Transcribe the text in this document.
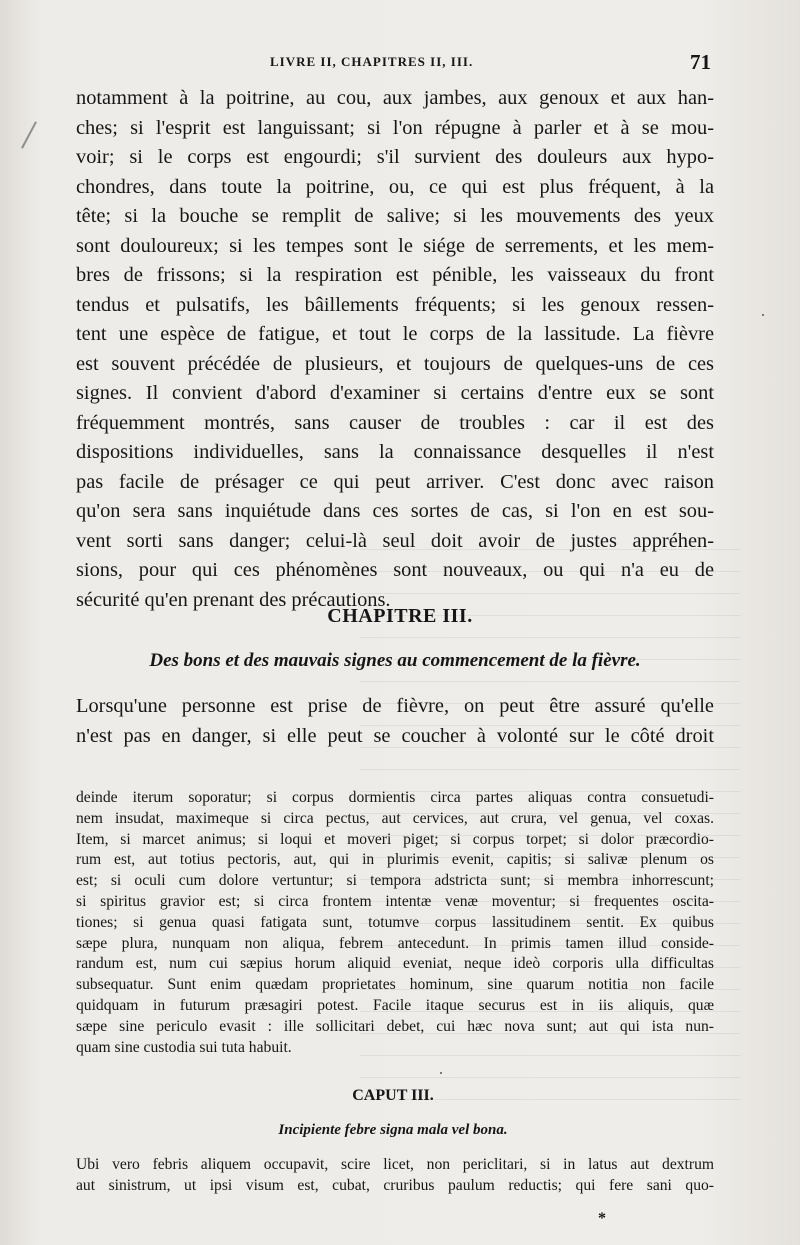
LIVRE II, CHAPITRES II, III.	71
notamment à la poitrine, au cou, aux jambes, aux genoux et aux han-
ches; si l'esprit est languissant; si l'on répugne à parler et à se mou-
voir; si le corps est engourdi; s'il survient des douleurs aux hypo-
chondres, dans toute la poitrine, ou, ce qui est plus fréquent, à la
tête; si la bouche se remplit de salive; si les mouvements des yeux
sont douloureux; si les tempes sont le siége de serrements, et les mem-
bres de frissons; si la respiration est pénible, les vaisseaux du front
tendus et pulsatifs, les bâillements fréquents; si les genoux ressen-
tent une espèce de fatigue, et tout le corps de la lassitude. La fièvre
est souvent précédée de plusieurs, et toujours de quelques-uns de ces
signes. Il convient d'abord d'examiner si certains d'entre eux se sont
fréquemment montrés, sans causer de troubles : car il est des
dispositions individuelles, sans la connaissance desquelles il n'est
pas facile de présager ce qui peut arriver. C'est donc avec raison
qu'on sera sans inquiétude dans ces sortes de cas, si l'on en est sou-
vent sorti sans danger; celui-là seul doit avoir de justes appréhen-
sions, pour qui ces phénomènes sont nouveaux, ou qui n'a eu de
sécurité qu'en prenant des précautions.
CHAPITRE III.
Des bons et des mauvais signes au commencement de la fièvre.
Lorsqu'une personne est prise de fièvre, on peut être assuré qu'elle
n'est pas en danger, si elle peut se coucher à volonté sur le côté droit
deinde iterum soporatur; si corpus dormientis circa partes aliquas contra consuetudi-
nem insudat, maximeque si circa pectus, aut cervices, aut crura, vel genua, vel coxas.
Item, si marcet animus; si loqui et moveri piget; si corpus torpet; si dolor præcordio-
rum est, aut totius pectoris, aut, qui in plurimis evenit, capitis; si salivæ plenum os
est; si oculi cum dolore vertuntur; si tempora adstricta sunt; si membra inhorrescunt;
si spiritus gravior est; si circa frontem intentæ venæ moventur; si frequentes oscita-
tiones; si genua quasi fatigata sunt, totumve corpus lassitudinem sentit. Ex quibus
sæpe plura, nunquam non aliqua, febrem antecedunt. In primis tamen illud conside-
randum est, num cui sæpius horum aliquid eveniat, neque ideò corporis ulla difficultas
subsequatur. Sunt enim quædam proprietates hominum, sine quarum notitia non facile
quidquam in futurum præsagiri potest. Facile itaque securus est in iis aliquis, quæ
sæpe sine periculo evasit : ille sollicitari debet, cui hæc nova sunt; aut qui ista nun-
quam sine custodia sui tuta habuit.
CAPUT III.
Incipiente febre signa mala vel bona.
Ubi vero febris aliquem occupavit, scire licet, non periclitari, si in latus aut dextrum
aut sinistrum, ut ipsi visum est, cubat, cruribus paulum reductis; qui fere sani quo-
*
